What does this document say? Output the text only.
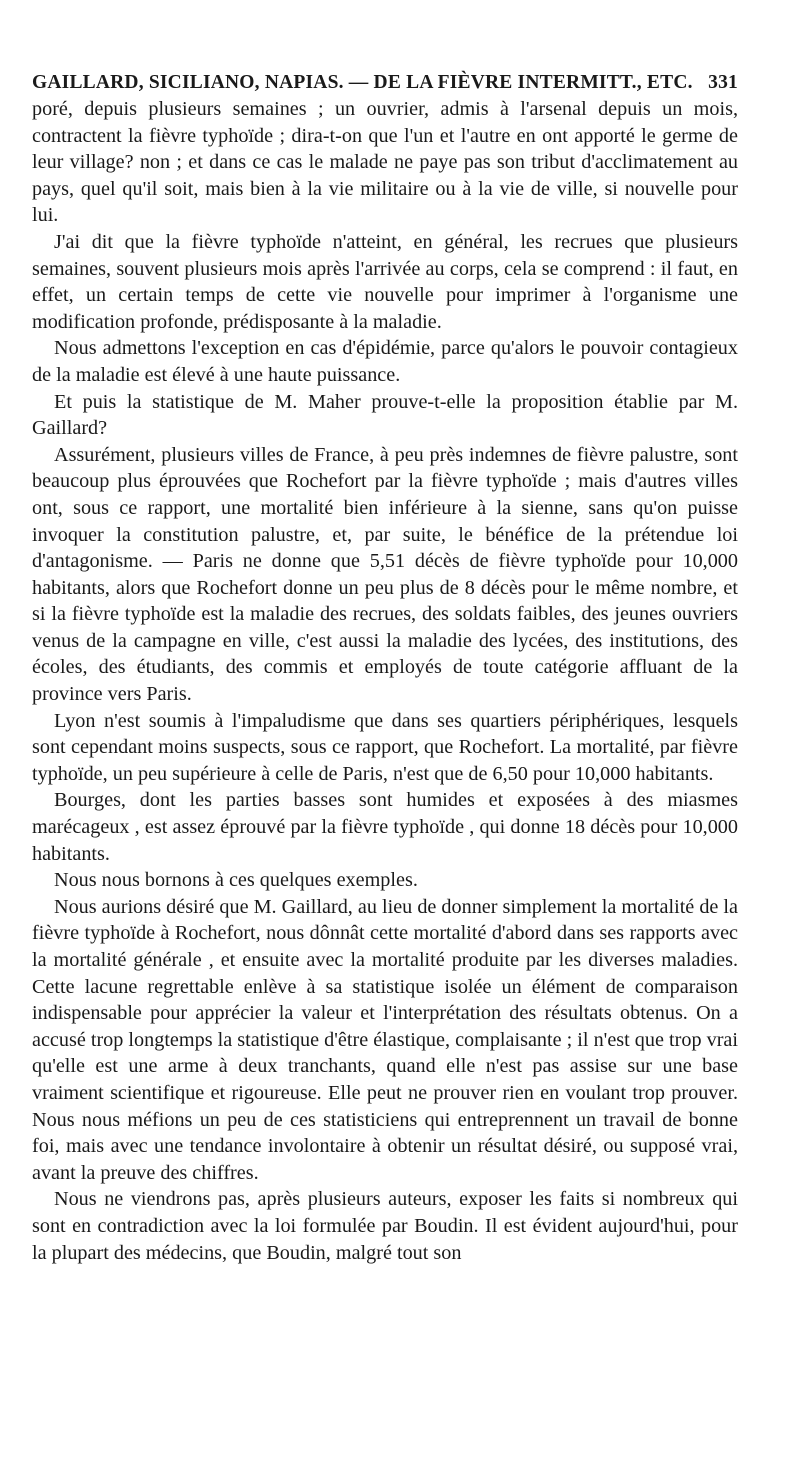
GAILLARD, SICILIANO, NAPIAS. — DE LA FIÈVRE INTERMITT., ETC. 331

poré, depuis plusieurs semaines ; un ouvrier, admis à l'arsenal depuis un mois, contractent la fièvre typhoïde ; dira-t-on que l'un et l'autre en ont apporté le germe de leur village? non ; et dans ce cas le malade ne paye pas son tribut d'acclimatement au pays, quel qu'il soit, mais bien à la vie militaire ou à la vie de ville, si nouvelle pour lui.

J'ai dit que la fièvre typhoïde n'atteint, en général, les recrues que plusieurs semaines, souvent plusieurs mois après l'arrivée au corps, cela se comprend : il faut, en effet, un certain temps de cette vie nouvelle pour imprimer à l'organisme une modification profonde, prédisposante à la maladie.

Nous admettons l'exception en cas d'épidémie, parce qu'alors le pouvoir contagieux de la maladie est élevé à une haute puissance.

Et puis la statistique de M. Maher prouve-t-elle la proposition établie par M. Gaillard?

Assurément, plusieurs villes de France, à peu près indemnes de fièvre palustre, sont beaucoup plus éprouvées que Rochefort par la fièvre typhoïde ; mais d'autres villes ont, sous ce rapport, une mortalité bien inférieure à la sienne, sans qu'on puisse invoquer la constitution palustre, et, par suite, le bénéfice de la prétendue loi d'antagonisme. — Paris ne donne que 5,51 décès de fièvre typhoïde pour 10,000 habitants, alors que Rochefort donne un peu plus de 8 décès pour le même nombre, et si la fièvre typhoïde est la maladie des recrues, des soldats faibles, des jeunes ouvriers venus de la campagne en ville, c'est aussi la maladie des lycées, des institutions, des écoles, des étudiants, des commis et employés de toute catégorie affluant de la province vers Paris.

Lyon n'est soumis à l'impaludisme que dans ses quartiers périphériques, lesquels sont cependant moins suspects, sous ce rapport, que Rochefort. La mortalité, par fièvre typhoïde, un peu supérieure à celle de Paris, n'est que de 6,50 pour 10,000 habitants.

Bourges, dont les parties basses sont humides et exposées à des miasmes marécageux , est assez éprouvé par la fièvre typhoïde , qui donne 18 décès pour 10,000 habitants.

Nous nous bornons à ces quelques exemples.

Nous aurions désiré que M. Gaillard, au lieu de donner simplement la mortalité de la fièvre typhoïde à Rochefort, nous dônnât cette mortalité d'abord dans ses rapports avec la mortalité générale , et ensuite avec la mortalité produite par les diverses maladies. Cette lacune regrettable enlève à sa statistique isolée un élément de comparaison indispensable pour apprécier la valeur et l'interprétation des résultats obtenus. On a accusé trop longtemps la statistique d'être élastique, complaisante ; il n'est que trop vrai qu'elle est une arme à deux tranchants, quand elle n'est pas assise sur une base vraiment scientifique et rigoureuse. Elle peut ne prouver rien en voulant trop prouver. Nous nous méfions un peu de ces statisticiens qui entreprennent un travail de bonne foi, mais avec une tendance involontaire à obtenir un résultat désiré, ou supposé vrai, avant la preuve des chiffres.

Nous ne viendrons pas, après plusieurs auteurs, exposer les faits si nombreux qui sont en contradiction avec la loi formulée par Boudin. Il est évident aujourd'hui, pour la plupart des médecins, que Boudin, malgré tout son
